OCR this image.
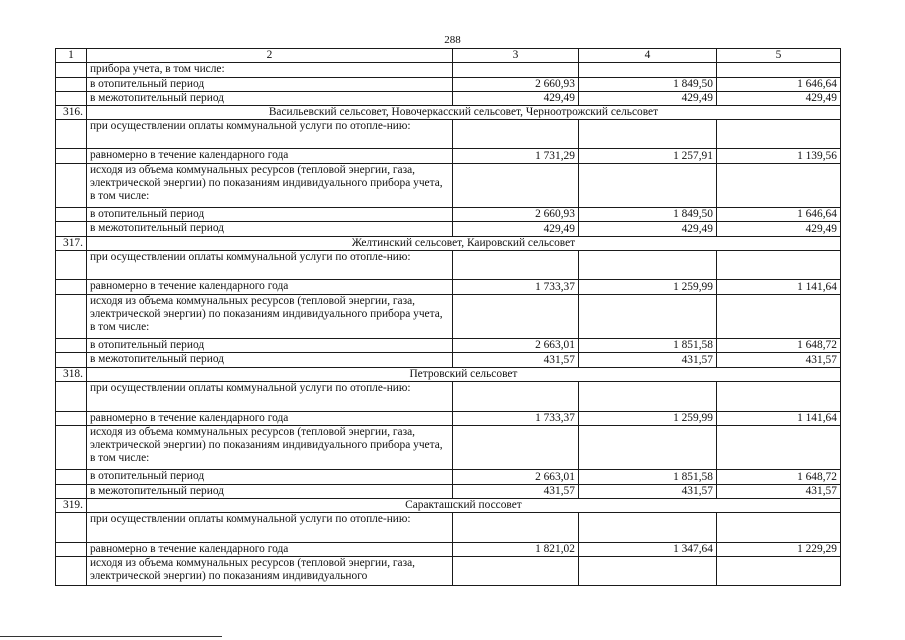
288
1	2	3	4	5
	прибора учета, в том числе:			
	в отопительный период	2 660,93	1 849,50	1 646,64
	в межотопительный период	429,49	429,49	429,49
316.	Васильевский сельсовет, Новочеркасский сельсовет, Черноотрожский сельсовет			
	при осуществлении оплаты коммунальной услуги по отопле-нию:			
	равномерно в течение календарного года	1 731,29	1 257,91	1 139,56
	исходя из объема коммунальных ресурсов (тепловой энергии, газа, электрической энергии) по показаниям индивидуального прибора учета, в том числе:			
	в отопительный период	2 660,93	1 849,50	1 646,64
	в межотопительный период	429,49	429,49	429,49
317.	Желтинский сельсовет, Каировский сельсовет			
	при осуществлении оплаты коммунальной услуги по отопле-нию:			
	равномерно в течение календарного года	1 733,37	1 259,99	1 141,64
	исходя из объема коммунальных ресурсов (тепловой энергии, газа, электрической энергии) по показаниям индивидуального прибора учета, в том числе:			
	в отопительный период	2 663,01	1 851,58	1 648,72
	в межотопительный период	431,57	431,57	431,57
318.	Петровский сельсовет			
	при осуществлении оплаты коммунальной услуги по отопле-нию:			
	равномерно в течение календарного года	1 733,37	1 259,99	1 141,64
	исходя из объема коммунальных ресурсов (тепловой энергии, газа, электрической энергии) по показаниям индивидуального прибора учета, в том числе:			
	в отопительный период	2 663,01	1 851,58	1 648,72
	в межотопительный период	431,57	431,57	431,57
319.	Саракташский поссовет			
	при осуществлении оплаты коммунальной услуги по отопле-нию:			
	равномерно в течение календарного года	1 821,02	1 347,64	1 229,29
	исходя из объема коммунальных ресурсов (тепловой энергии, газа, электрической энергии) по показаниям индивидуального			
